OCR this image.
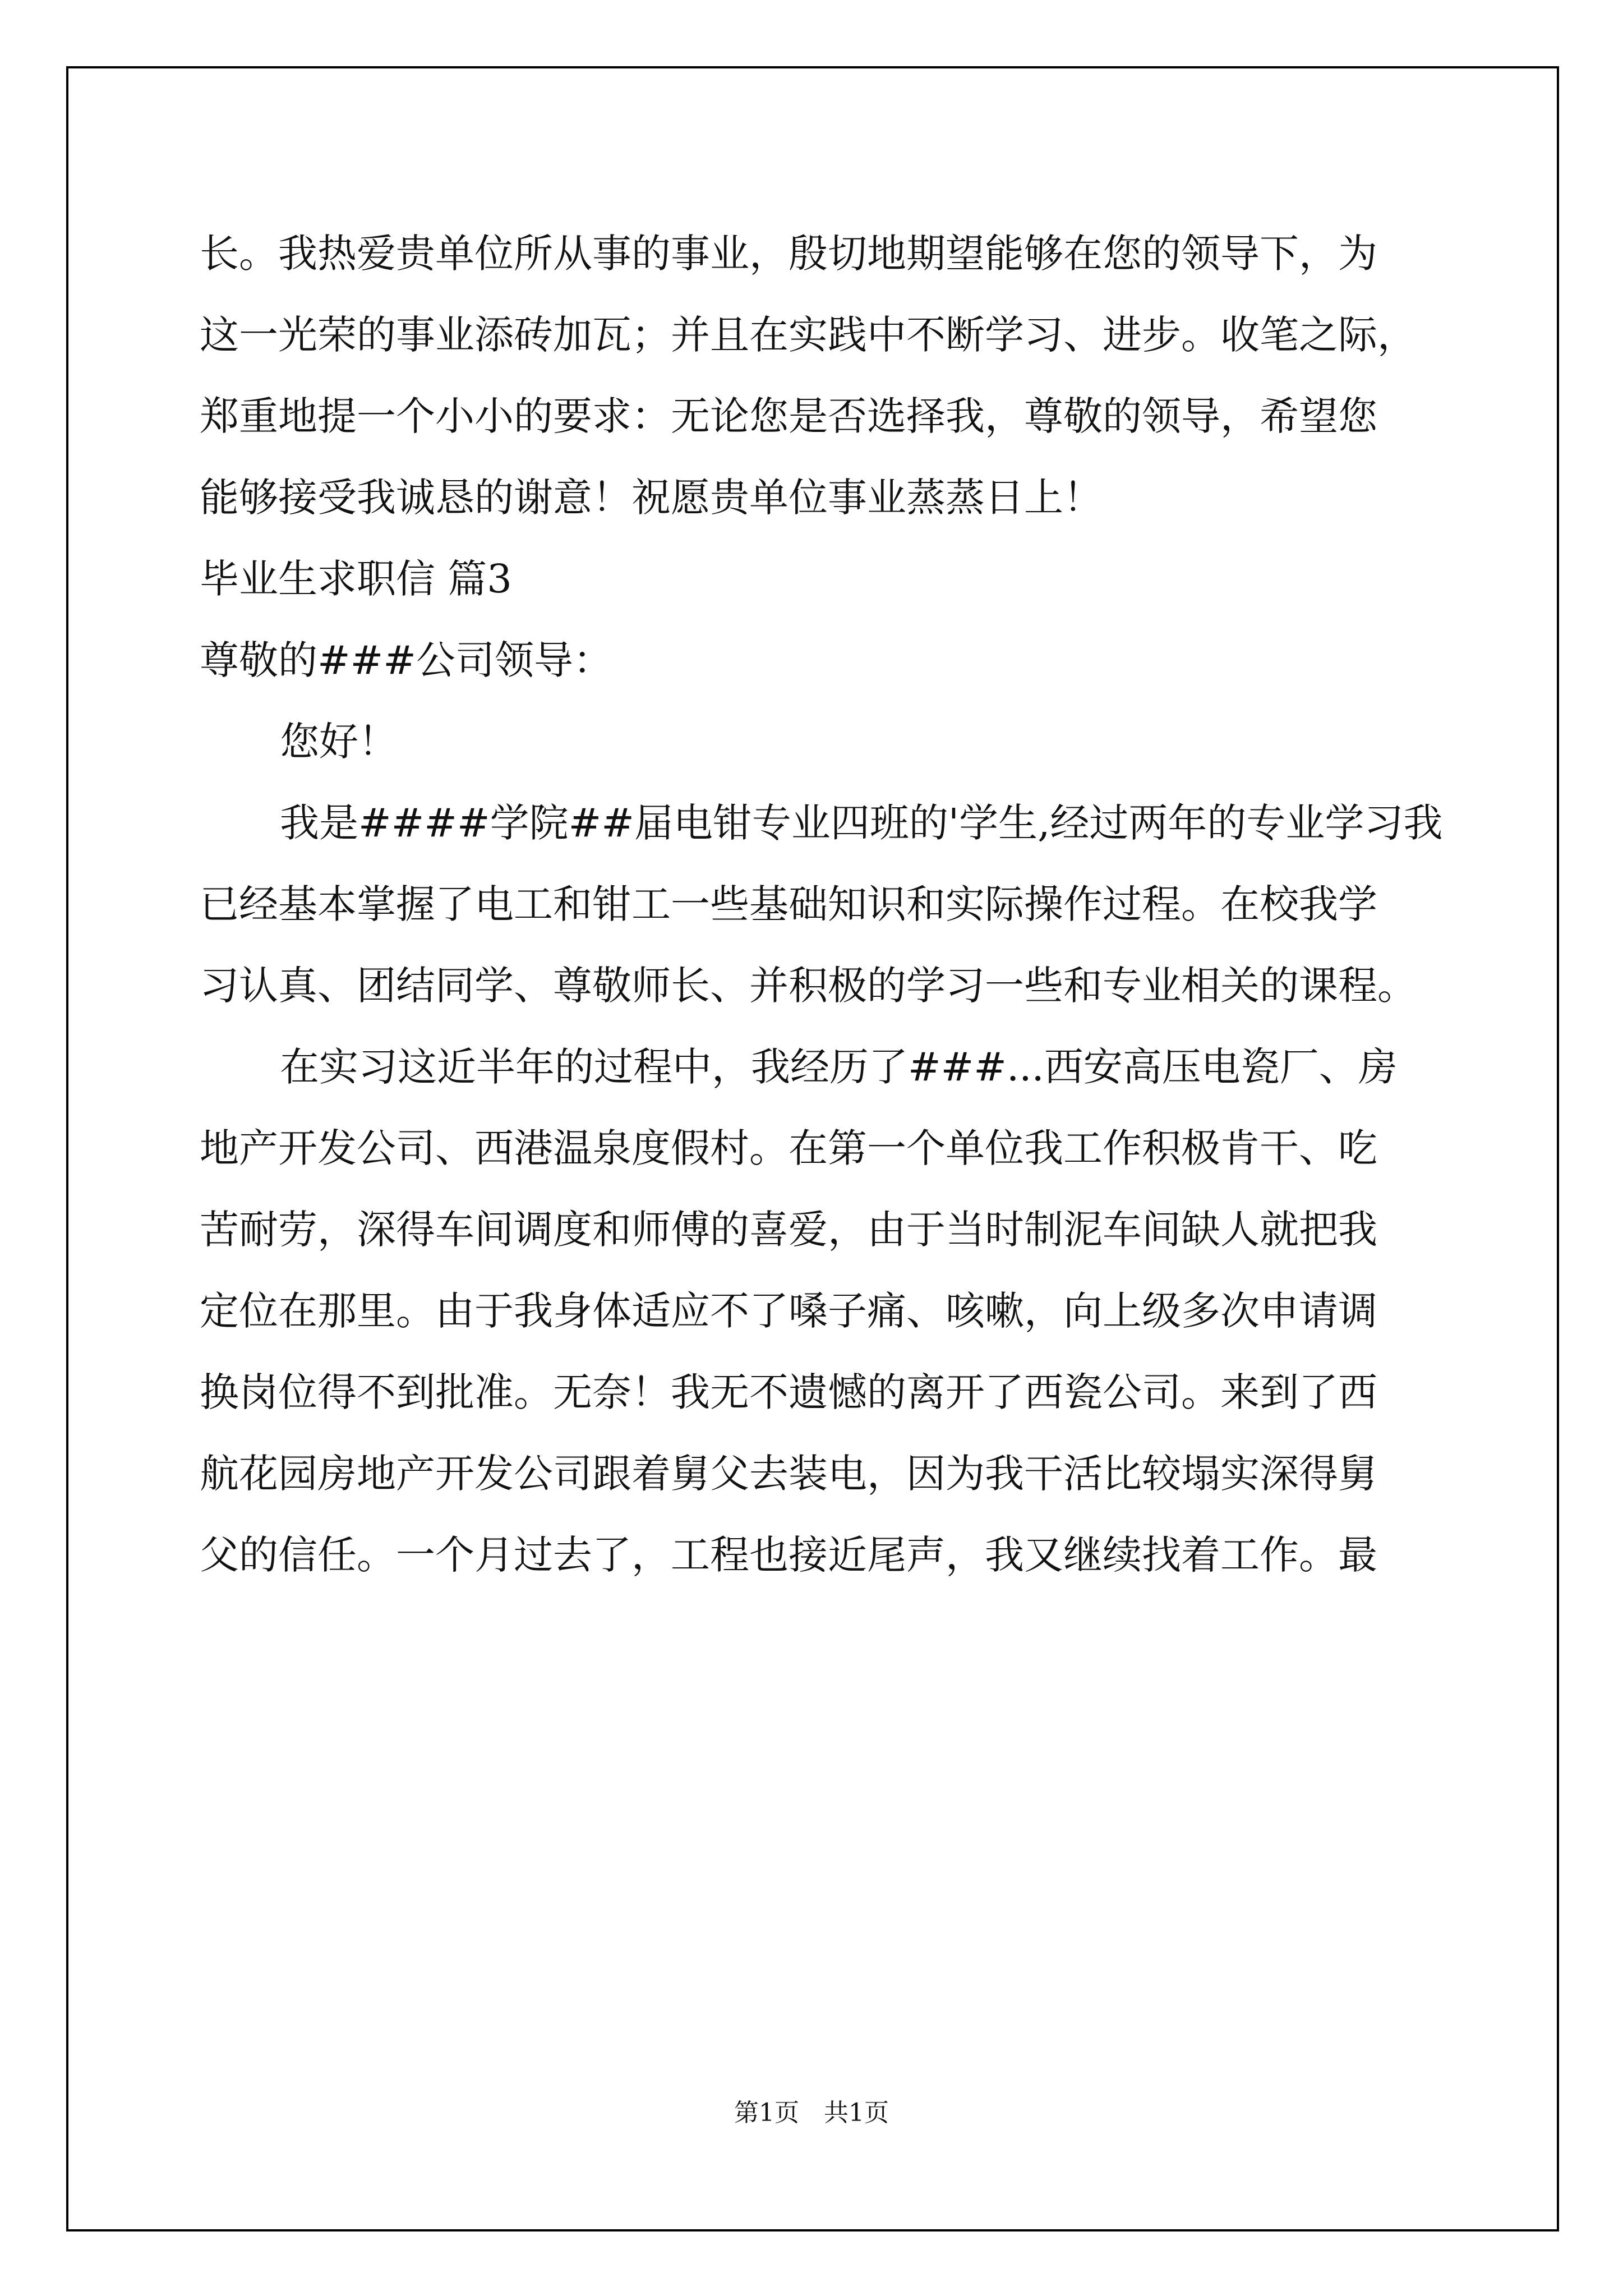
长。我热爱贵单位所从事的事业，殷切地期望能够在您的领导下，为

这一光荣的事业添砖加瓦；并且在实践中不断学习、进步。收笔之际，

郑重地提一个小小的要求：无论您是否选择我，尊敬的领导，希望您

能够接受我诚恳的谢意！祝愿贵单位事业蒸蒸日上！

毕业生求职信 篇3

尊敬的###公司领导：

您好！

我是####学院##届电钳专业四班的'学生,经过两年的专业学习我

已经基本掌握了电工和钳工一些基础知识和实际操作过程。在校我学

习认真、团结同学、尊敬师长、并积极的学习一些和专业相关的课程。

在实习这近半年的过程中，我经历了###...西安高压电瓷厂、房

地产开发公司、西港温泉度假村。在第一个单位我工作积极肯干、吃

苦耐劳，深得车间调度和师傅的喜爱，由于当时制泥车间缺人就把我

定位在那里。由于我身体适应不了嗓子痛、咳嗽，向上级多次申请调

换岗位得不到批准。无奈！我无不遗憾的离开了西瓷公司。来到了西

航花园房地产开发公司跟着舅父去装电，因为我干活比较塌实深得舅

父的信任。一个月过去了，工程也接近尾声，我又继续找着工作。最

第1页　共1页
